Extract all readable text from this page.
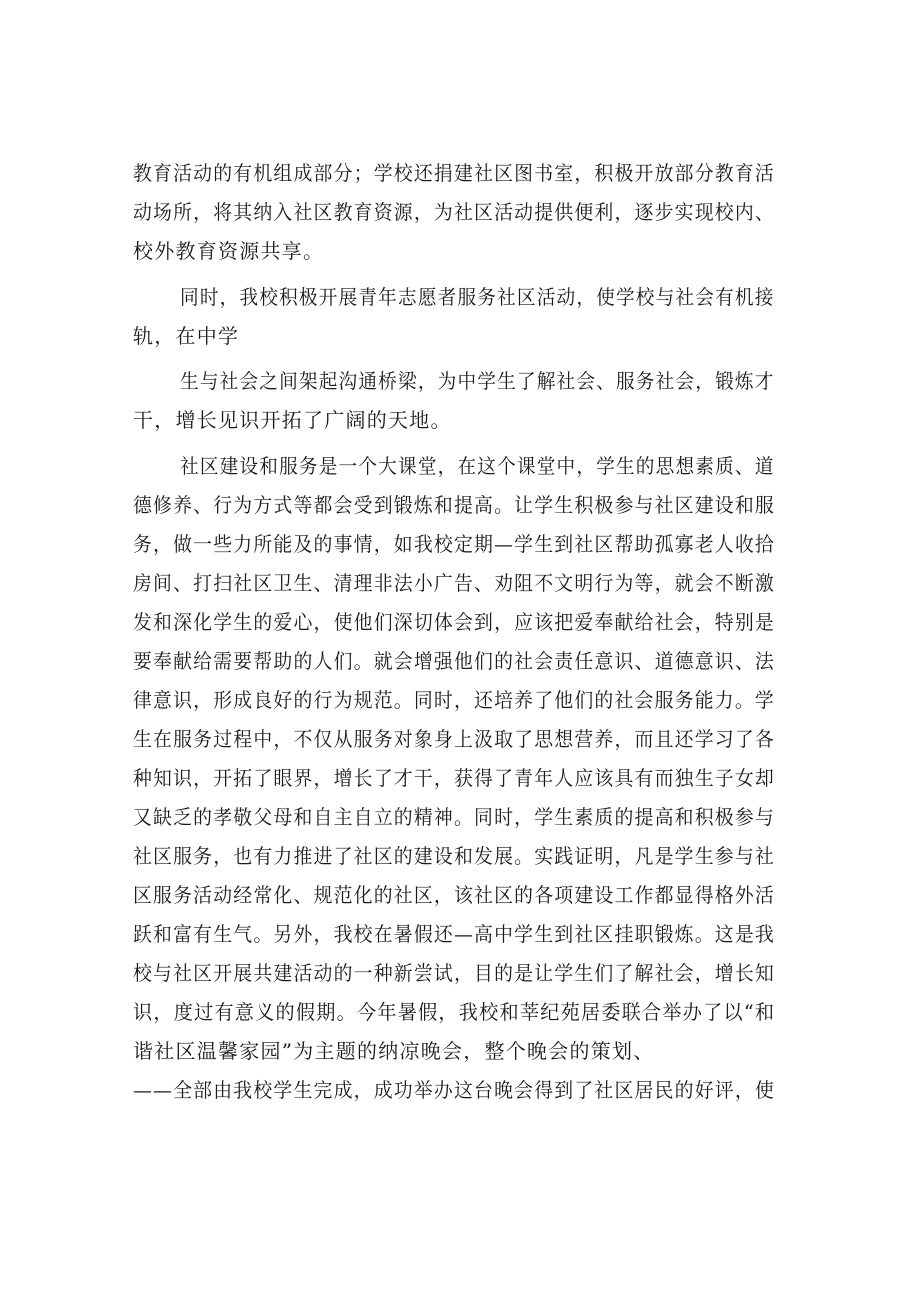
教育活动的有机组成部分；学校还捐建社区图书室，积极开放部分教育活
动场所，将其纳入社区教育资源，为社区活动提供便利，逐步实现校内、
校外教育资源共享。
同时，我校积极开展青年志愿者服务社区活动，使学校与社会有机接
轨，在中学
生与社会之间架起沟通桥梁，为中学生了解社会、服务社会，锻炼才
干，增长见识开拓了广阔的天地。
社区建设和服务是一个大课堂，在这个课堂中，学生的思想素质、道
德修养、行为方式等都会受到锻炼和提高。让学生积极参与社区建设和服
务，做一些力所能及的事情，如我校定期—学生到社区帮助孤寡老人收拾
房间、打扫社区卫生、清理非法小广告、劝阻不文明行为等，就会不断激
发和深化学生的爱心，使他们深切体会到，应该把爱奉献给社会，特别是
要奉献给需要帮助的人们。就会增强他们的社会责任意识、道德意识、法
律意识，形成良好的行为规范。同时，还培养了他们的社会服务能力。学
生在服务过程中，不仅从服务对象身上汲取了思想营养，而且还学习了各
种知识，开拓了眼界，增长了才干，获得了青年人应该具有而独生子女却
又缺乏的孝敬父母和自主自立的精神。同时，学生素质的提高和积极参与
社区服务，也有力推进了社区的建设和发展。实践证明，凡是学生参与社
区服务活动经常化、规范化的社区，该社区的各项建设工作都显得格外活
跃和富有生气。另外，我校在暑假还—高中学生到社区挂职锻炼。这是我
校与社区开展共建活动的一种新尝试，目的是让学生们了解社会，增长知
识，度过有意义的假期。今年暑假，我校和莘纪苑居委联合举办了以“和
谐社区温馨家园”为主题的纳凉晚会，整个晚会的策划、
——全部由我校学生完成，成功举办这台晚会得到了社区居民的好评，使
